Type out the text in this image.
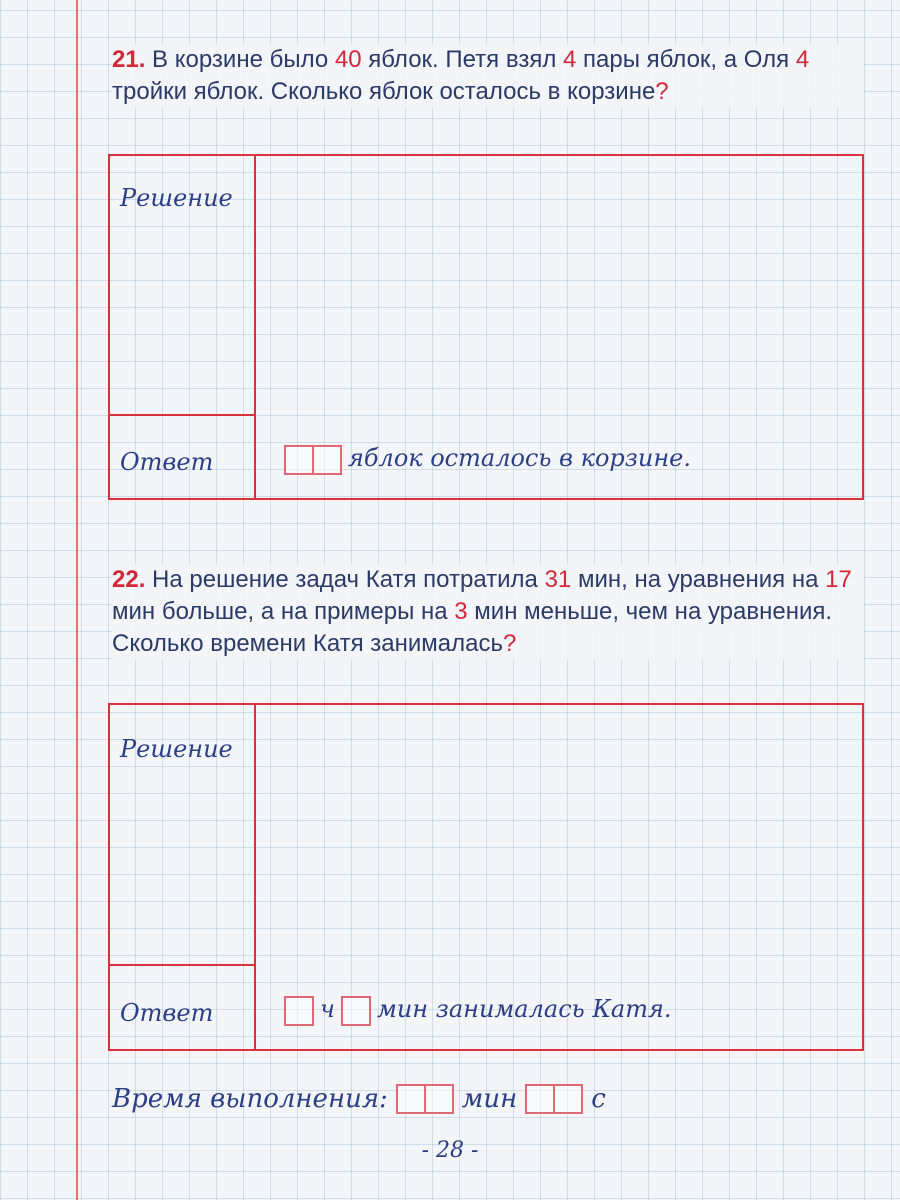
21. В корзине было 40 яблок. Петя взял 4 пары яблок, а Оля 4 тройки яблок. Сколько яблок осталось в корзине?
Решение
Ответ	яблок осталось в корзине.
22. На решение задач Катя потратила 31 мин, на уравнения на 17 мин больше, а на примеры на 3 мин меньше, чем на уравнения. Сколько времени Катя занималась?
Решение
Ответ	ч мин занималась Катя.
Время выполнения:	мин	с
- 28 -
